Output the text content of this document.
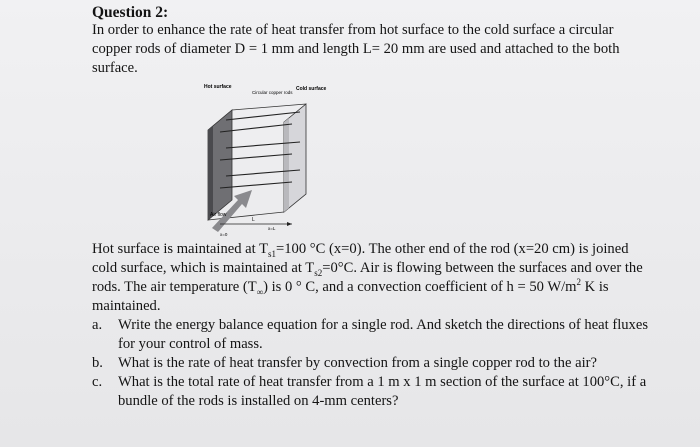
Question 2:
In order to enhance the rate of heat transfer from hot surface to the cold surface a circular copper rods of diameter D = 1 mm and length L= 20 mm are used and attached to the both surface.
Hot surface
Circular copper rods
Cold surface
Air flow
L
x=0
x=L

Hot surface is maintained at $T_{s1}=100$ °C (x=0). The other end of the rod (x=20 cm) is joined cold surface, which is maintained at $T_{s2}=0^\circ C$. Air is flowing between the surfaces and over the rods. The air temperature $(T_\infty)$ is 0 ° C, and a convection coefficient of h = 50 $W/m^2$ K is maintained.

a. Write the energy balance equation for a single rod. And sketch the directions of heat fluxes for your control of mass.

b. What is the rate of heat transfer by convection from a single copper rod to the air?

c. What is the total rate of heat transfer from a 1 m x 1 m section of the surface at 100°C, if a bundle of the rods is installed on 4-mm centers?
